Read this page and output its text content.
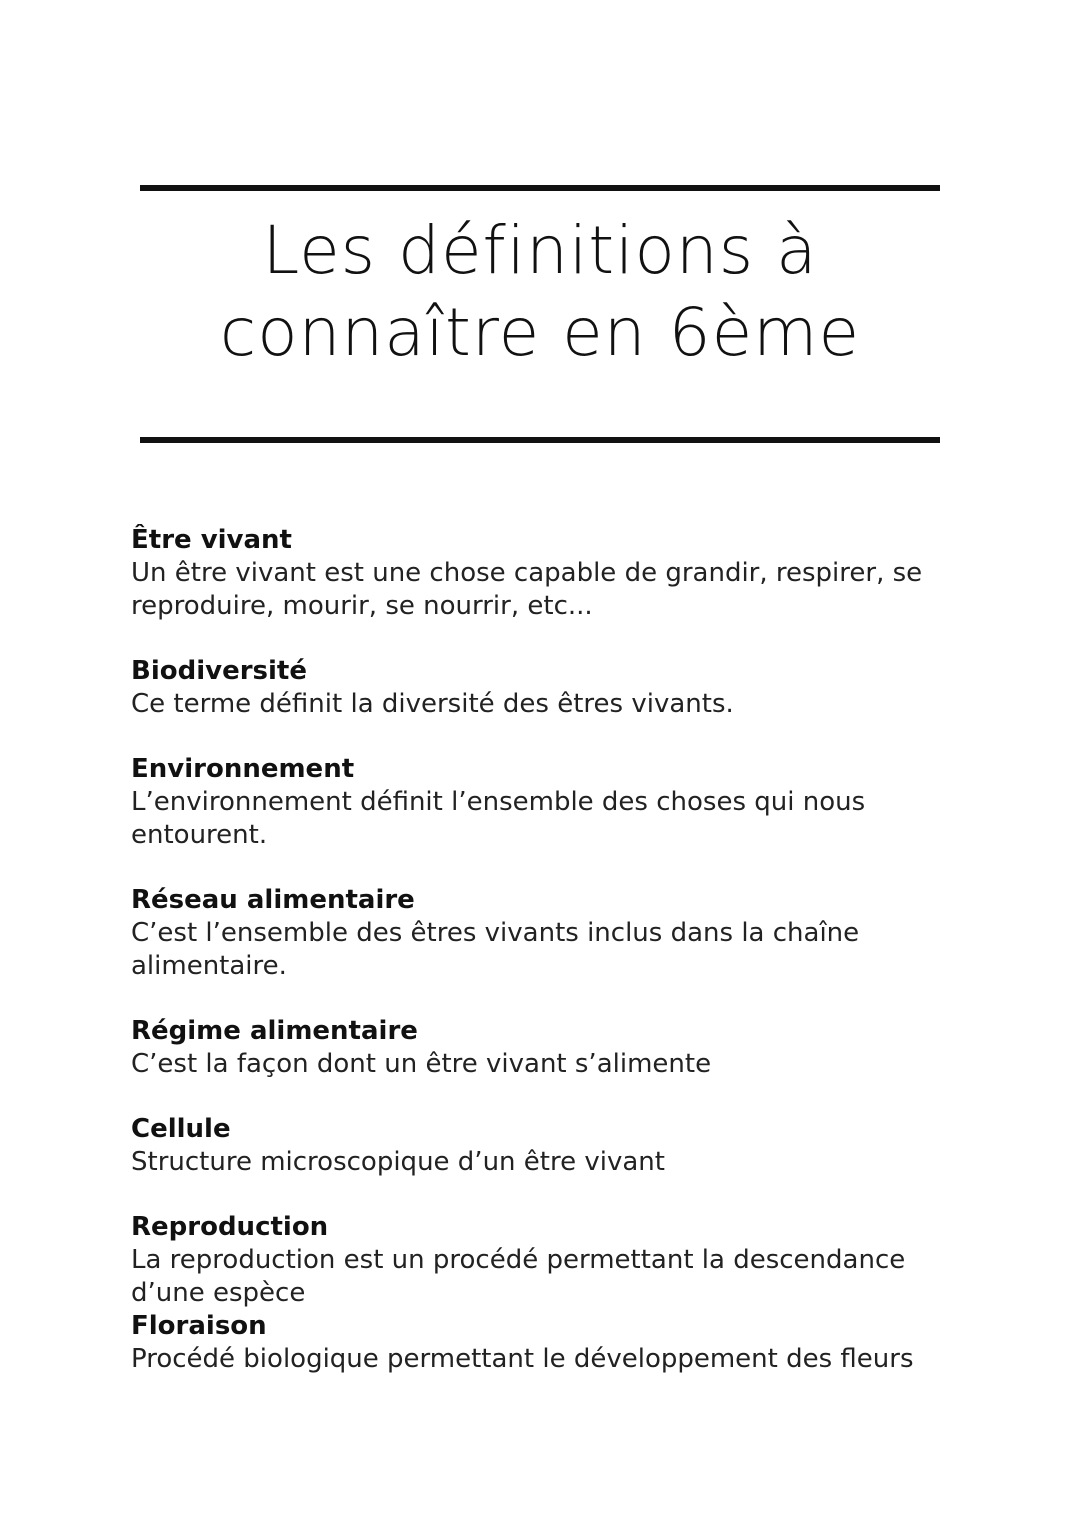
Les définitions à
connaître en 6ème
Être vivant
Un être vivant est une chose capable de grandir, respirer, se reproduire, mourir, se nourrir, etc...
Biodiversité
Ce terme définit la diversité des êtres vivants.
Environnement
L’environnement définit l’ensemble des choses qui nous entourent.
Réseau alimentaire
C’est l’ensemble des êtres vivants inclus dans la chaîne alimentaire.
Régime alimentaire
C’est la façon dont un être vivant s’alimente
Cellule
Structure microscopique d’un être vivant
Reproduction
La reproduction est un procédé permettant la descendance d’une espèce
Floraison
Procédé biologique permettant le développement des fleurs
